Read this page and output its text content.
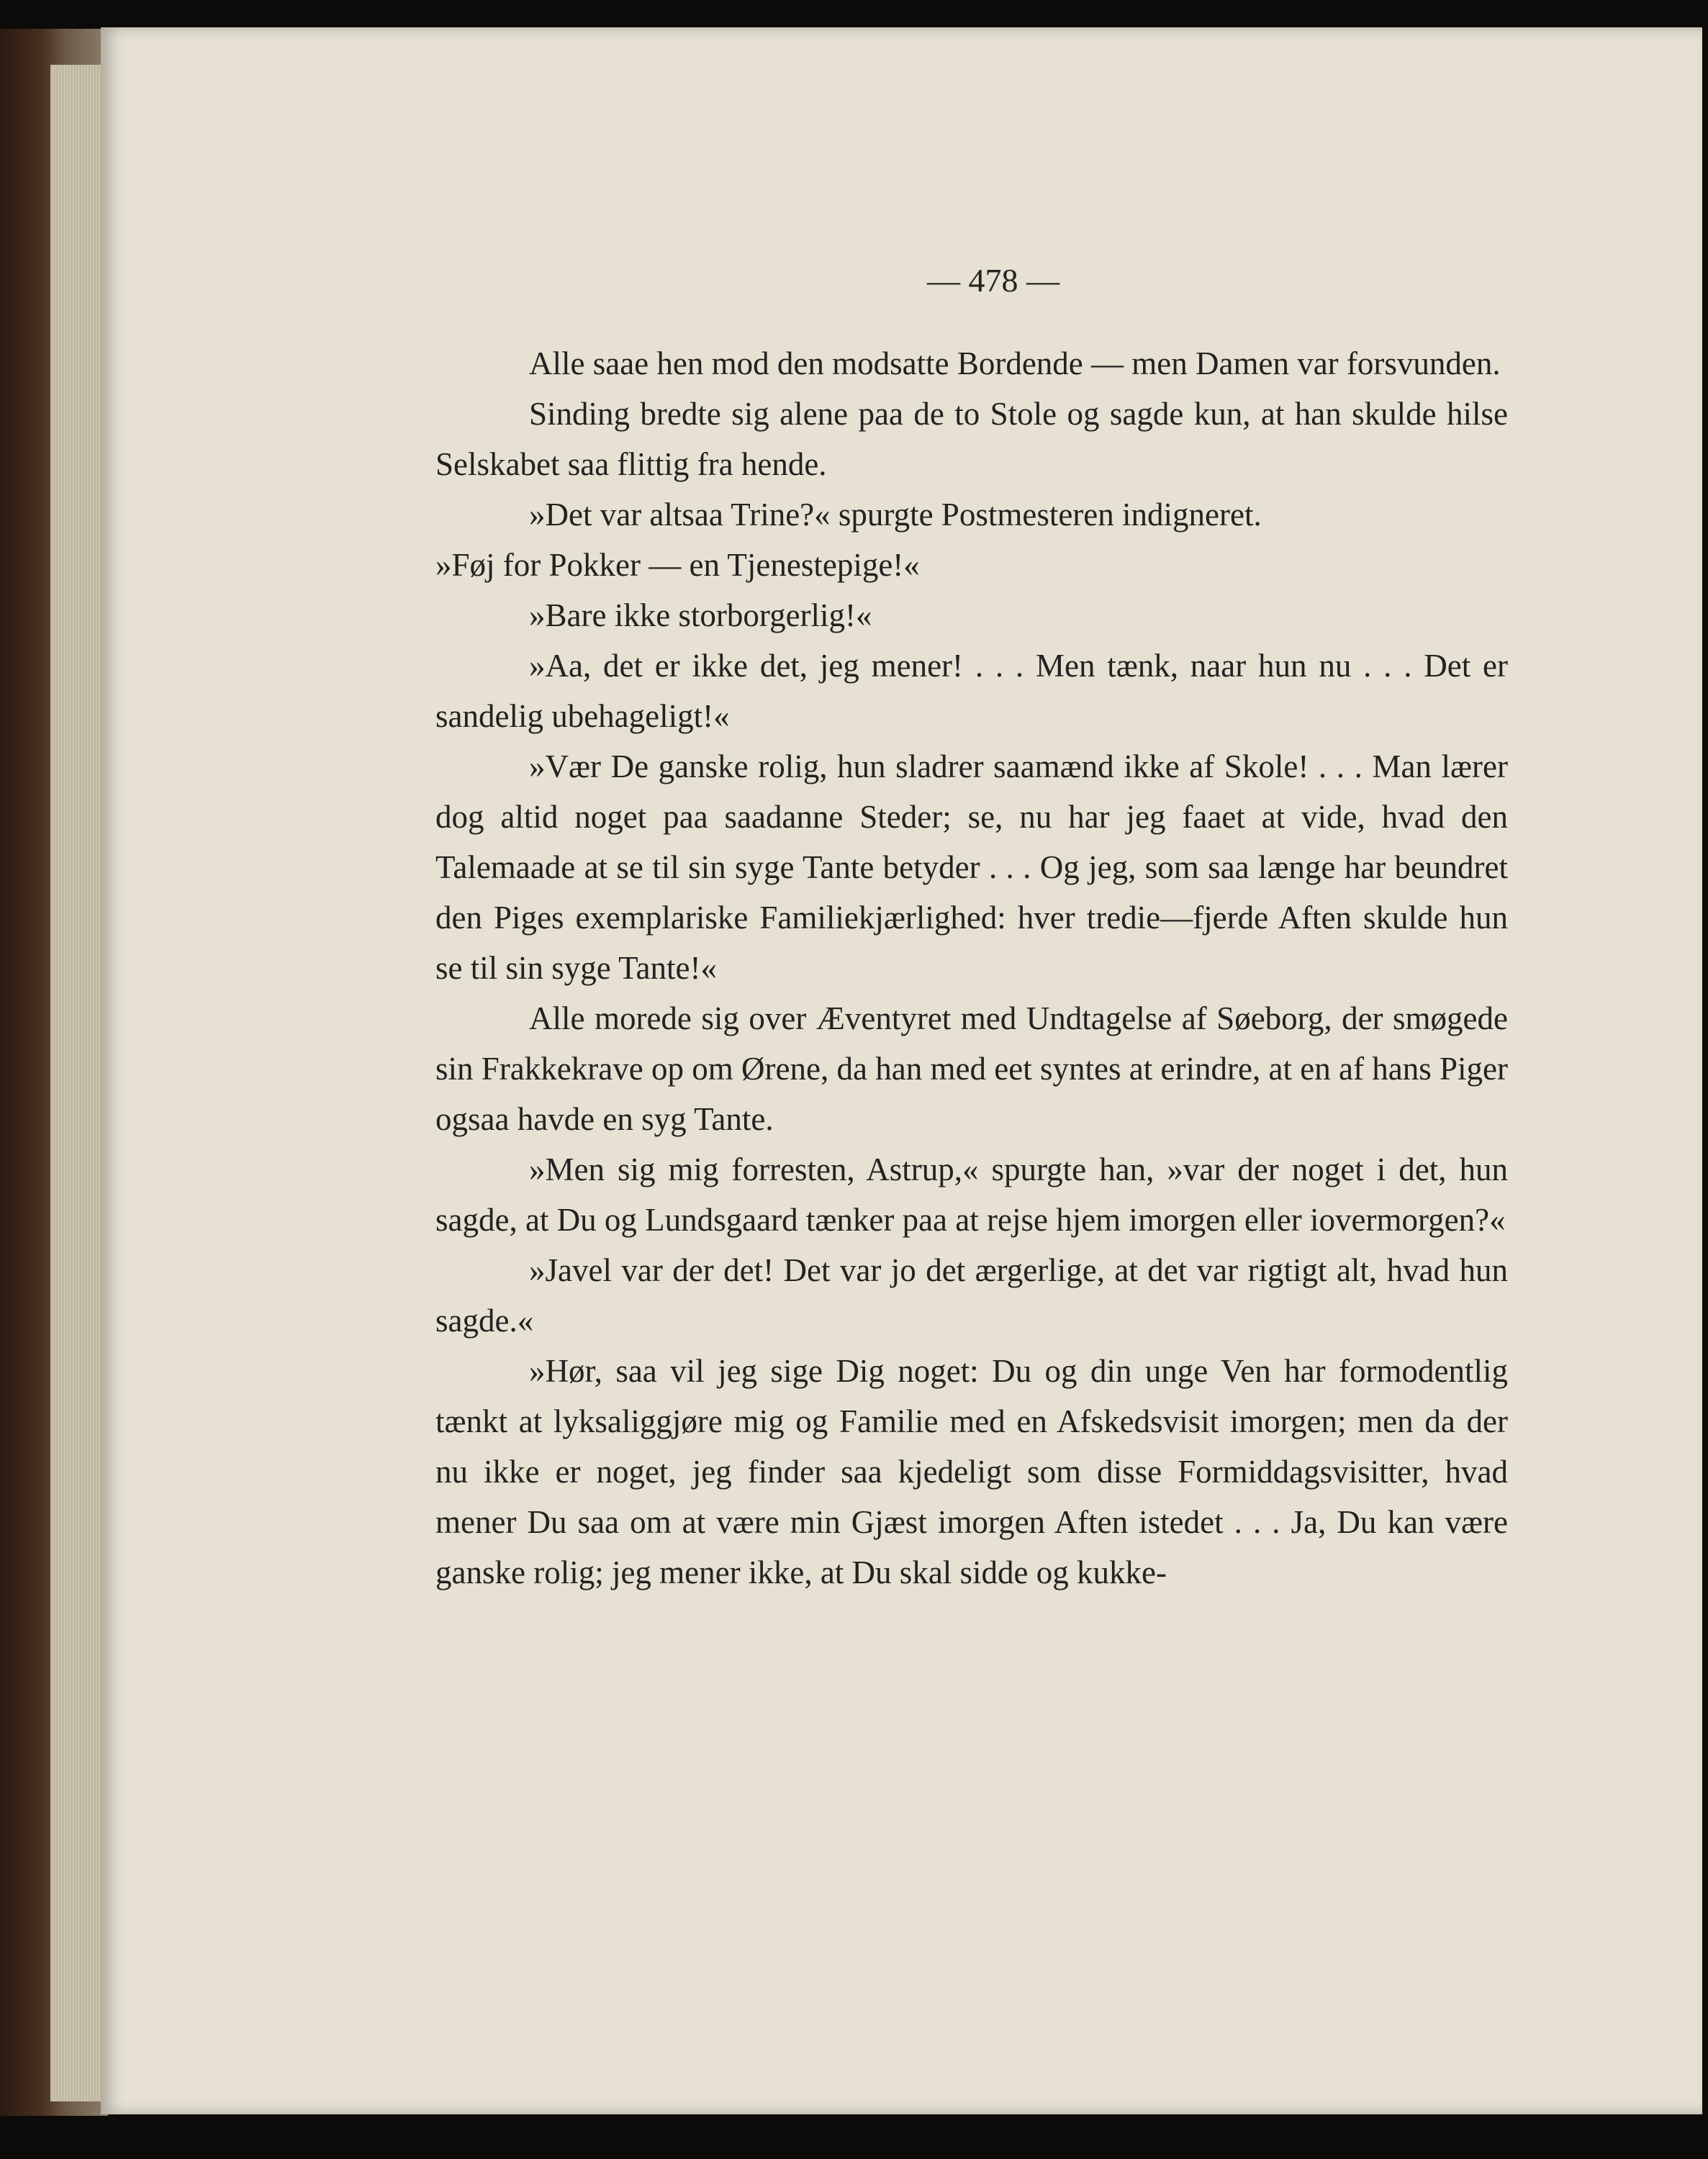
— 478 —

Alle saae hen mod den modsatte Bordende — men Damen var forsvunden.

Sinding bredte sig alene paa de to Stole og sagde kun, at han skulde hilse Selskabet saa flittig fra hende.

»Det var altsaa Trine?« spurgte Postmesteren indigneret.

»Føj for Pokker — en Tjenestepige!«

»Bare ikke storborgerlig!«

»Aa, det er ikke det, jeg mener! . . . Men tænk, naar hun nu . . . Det er sandelig ubehageligt!«

»Vær De ganske rolig, hun sladrer saamænd ikke af Skole! . . . Man lærer dog altid noget paa saadanne Steder; se, nu har jeg faaet at vide, hvad den Talemaade at se til sin syge Tante betyder . . . Og jeg, som saa længe har beundret den Piges exemplariske Familiekjærlighed: hver tredie—fjerde Aften skulde hun se til sin syge Tante!«

Alle morede sig over Æventyret med Undtagelse af Søeborg, der smøgede sin Frakkekrave op om Ørene, da han med eet syntes at erindre, at en af hans Piger ogsaa havde en syg Tante.

»Men sig mig forresten, Astrup,« spurgte han, »var der noget i det, hun sagde, at Du og Lundsgaard tænker paa at rejse hjem imorgen eller iovermorgen?«

»Javel var der det! Det var jo det ærgerlige, at det var rigtigt alt, hvad hun sagde.«

»Hør, saa vil jeg sige Dig noget: Du og din unge Ven har formodentlig tænkt at lyksaliggjøre mig og Familie med en Afskedsvisit imorgen; men da der nu ikke er noget, jeg finder saa kjedeligt som disse Formiddagsvisitter, hvad mener Du saa om at være min Gjæst imorgen Aften istedet . . . Ja, Du kan være ganske rolig; jeg mener ikke, at Du skal sidde og kukke-
